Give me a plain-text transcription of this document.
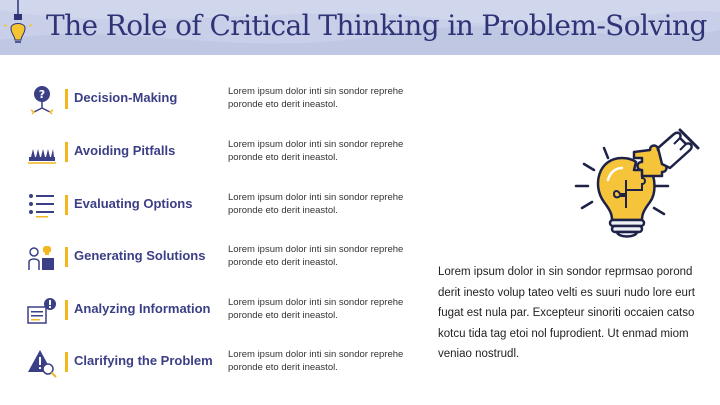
The Role of Critical Thinking in Problem-Solving
? Decision-Making	Lorem ipsum dolor inti sin sondor reprehe poronde eto derit ineastol.
Avoiding Pitfalls	Lorem ipsum dolor inti sin sondor reprehe poronde eto derit ineastol.
Evaluating Options	Lorem ipsum dolor inti sin sondor reprehe poronde eto derit ineastol.
Generating Solutions Lorem ipsum dolor inti sin sondor reprehe poronde eto derit ineastol.
Analyzing Information Lorem ipsum dolor inti sin sondor reprehe poronde eto derit ineastol.
Clarifying the Problem Lorem ipsum dolor inti sin sondor reprehe poronde eto derit ineastol.
Lorem ipsum dolor in sin sondor reprmsao porond derit inesto volup tateo velti es suuri nudo lore eurt fugat est nula par. Excepteur sinoriti occaien catso kotcu tida tag etoi nol fuprodient. Ut enmad miom veniao nostrudl.
